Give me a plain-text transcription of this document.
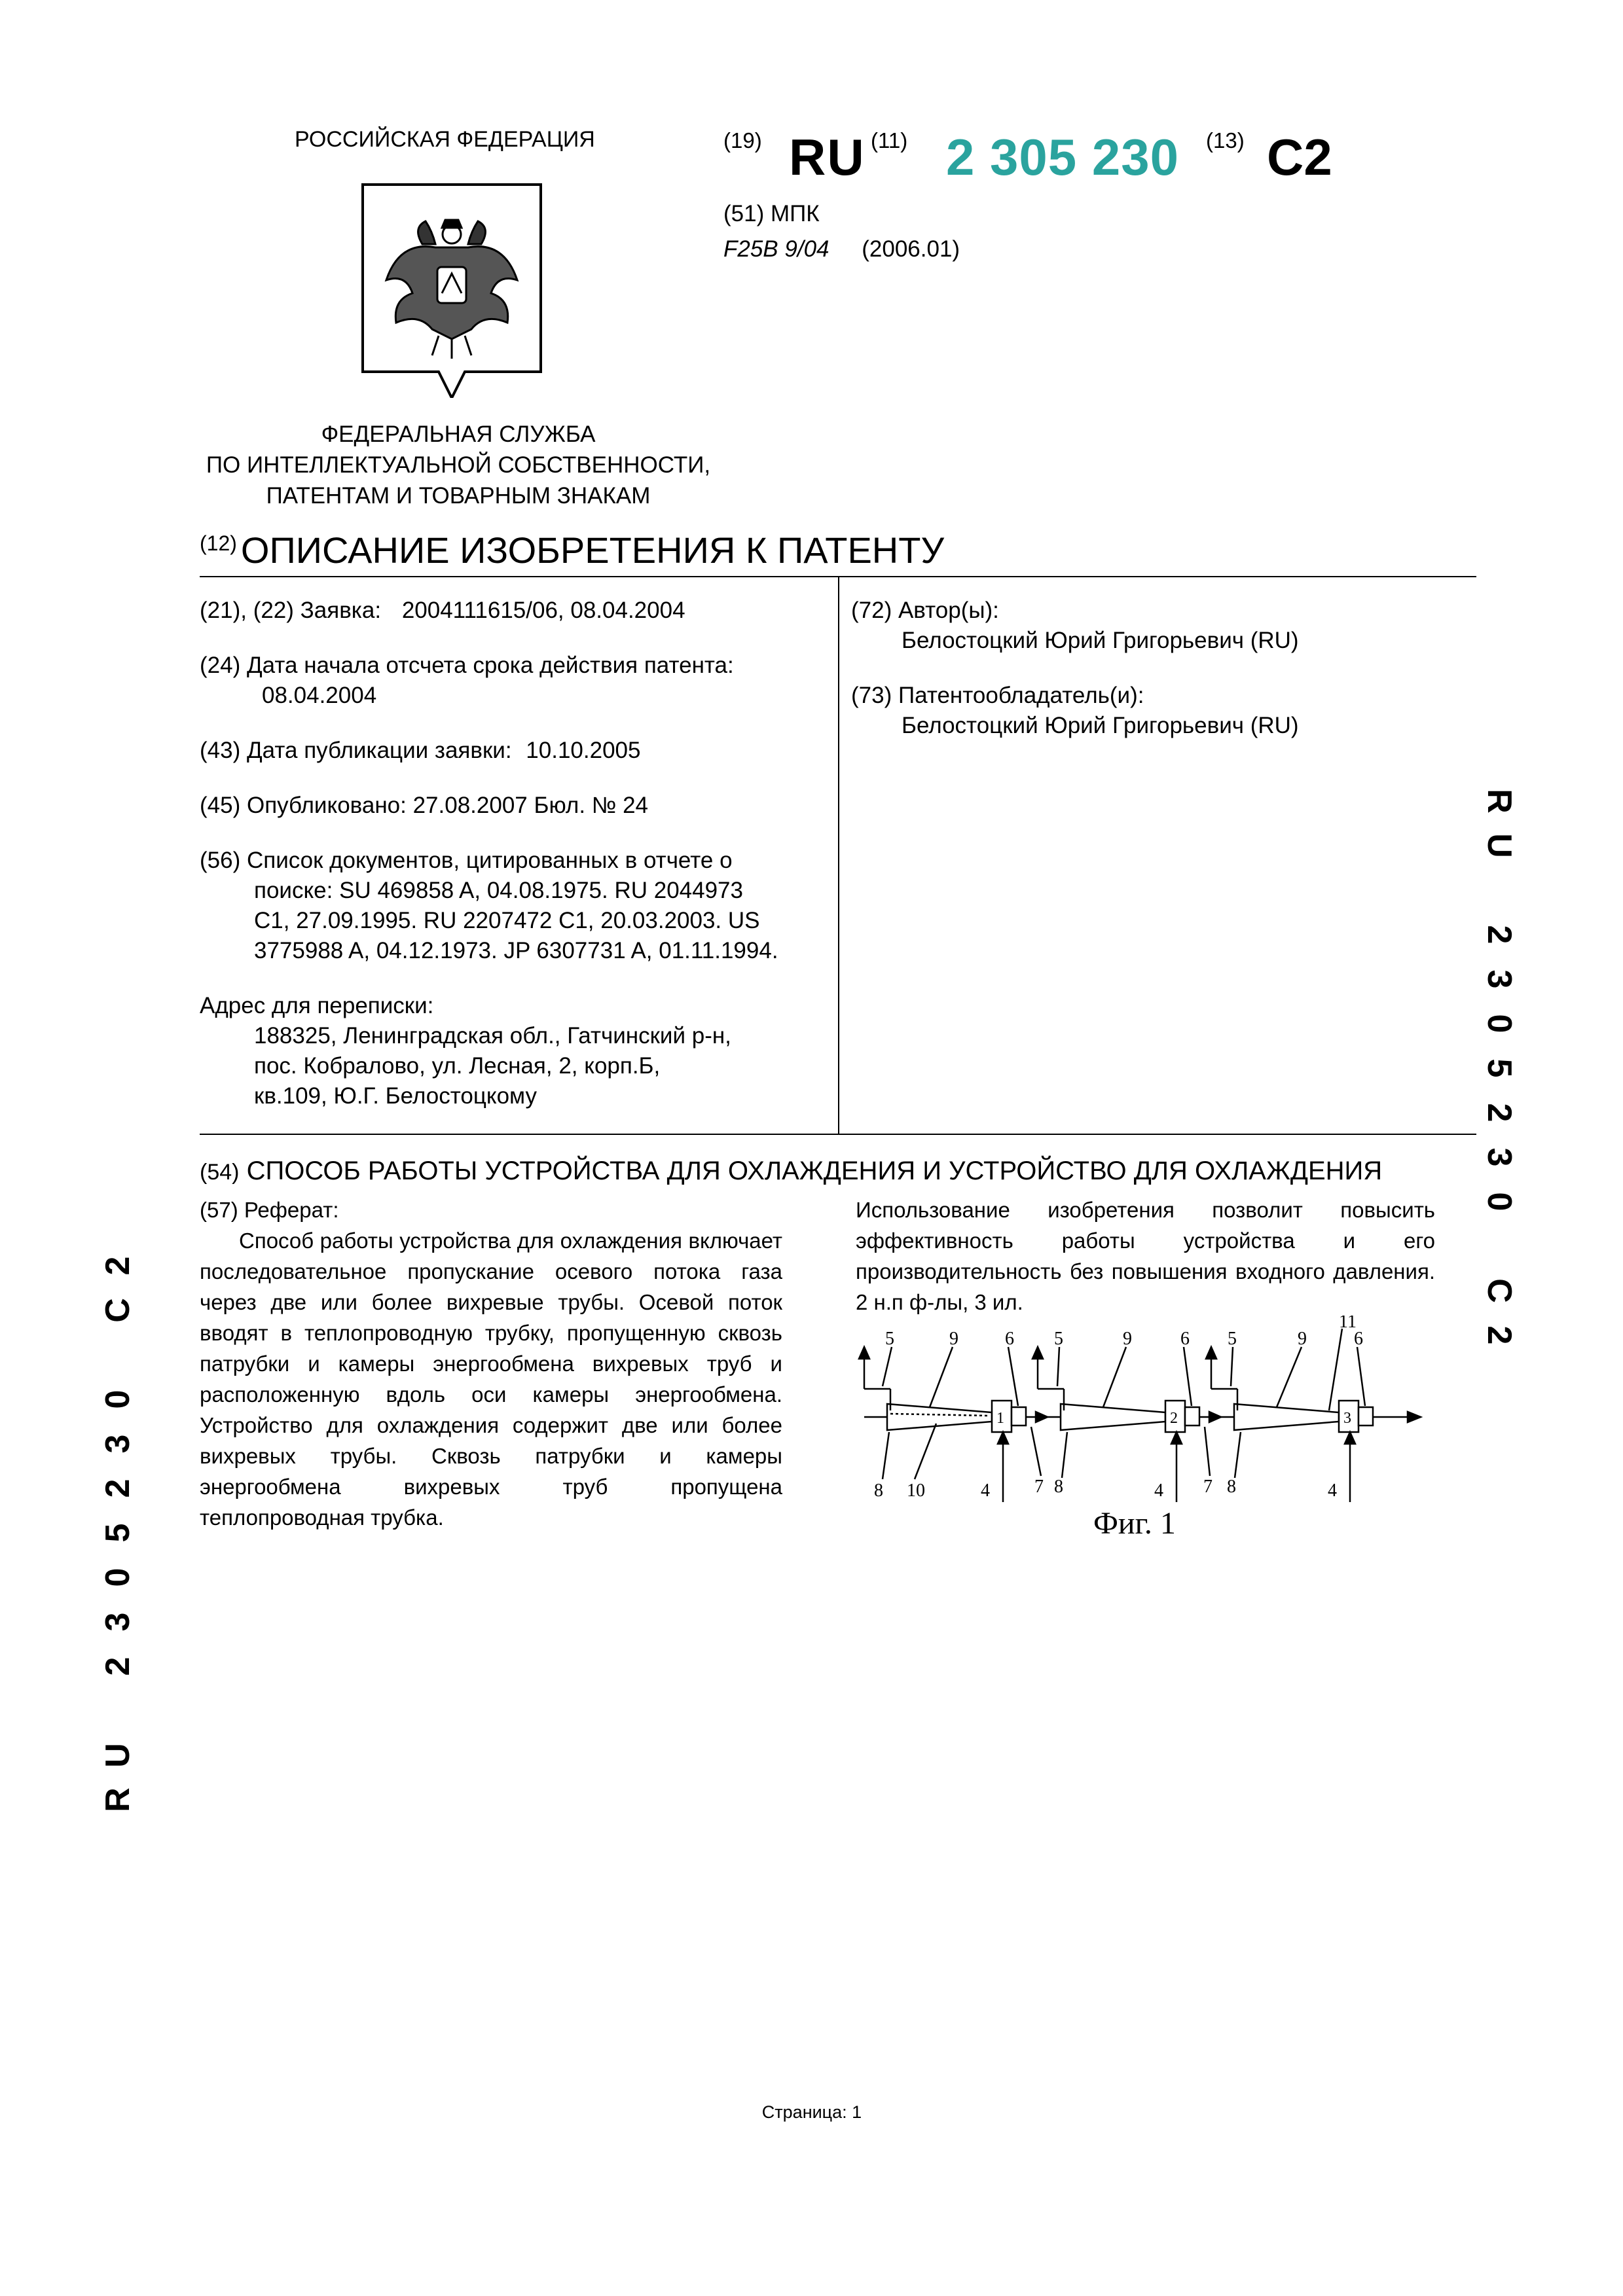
РОССИЙСКАЯ ФЕДЕРАЦИЯ
ФЕДЕРАЛЬНАЯ СЛУЖБА
ПО ИНТЕЛЛЕКТУАЛЬНОЙ СОБСТВЕННОСТИ,
ПАТЕНТАМ И ТОВАРНЫМ ЗНАКАМ
(19) RU (11) 2 305 230 (13) C2
(51) МПК
F25B 9/04 (2006.01)
$^{(12)}$ ОПИСАНИЕ ИЗОБРЕТЕНИЯ К ПАТЕНТУ
(21), (22) Заявка: 2004111615/06, 08.04.2004
(24) Дата начала отсчета срока действия патента:
08.04.2004
(43) Дата публикации заявки: 10.10.2005
(45) Опубликовано: 27.08.2007 Бюл. № 24
(56) Список документов, цитированных в отчете о
поиске: SU 469858 A, 04.08.1975. RU 2044973
C1, 27.09.1995. RU 2207472 C1, 20.03.2003. US
3775988 A, 04.12.1973. JP 6307731 A, 01.11.1994.
Адрес для переписки:
188325, Ленинградская обл., Гатчинский р-н,
пос. Кобралово, ул. Лесная, 2, корп.Б,
кв.109, Ю.Г. Белостоцкому
(72) Автор(ы):
Белостоцкий Юрий Григорьевич (RU)
(73) Патентообладатель(и):
Белостоцкий Юрий Григорьевич (RU)
(54) СПОСОБ РАБОТЫ УСТРОЙСТВА ДЛЯ ОХЛАЖДЕНИЯ И УСТРОЙСТВО ДЛЯ ОХЛАЖДЕНИЯ
(57) Реферат:
Способ работы устройства для охлаждения включает последовательное пропускание осевого потока газа через две или более вихревые трубы. Осевой поток вводят в теплопроводную трубку, пропущенную сквозь патрубки и камеры энергообмена вихревых труб и расположенную вдоль оси камеры энергообмена. Устройство для охлаждения содержит две или более вихревых трубы. Сквозь патрубки и камеры энергообмена вихревых труб пропущена теплопроводная трубка.
Использование изобретения позволит повысить эффективность работы устройства и его производительность без повышения входного давления. 2 н.п ф-лы, 3 ил.
5	9	6 5	9	6 5	9
11
6
8 10	4 7 8	4 7 8	4
1	2	3
Фиг. 1
R
U
2
3
0
5
2
3
0
C
2
2
C
0
3
2
5
0
3
2
U
R
Страница: 1
